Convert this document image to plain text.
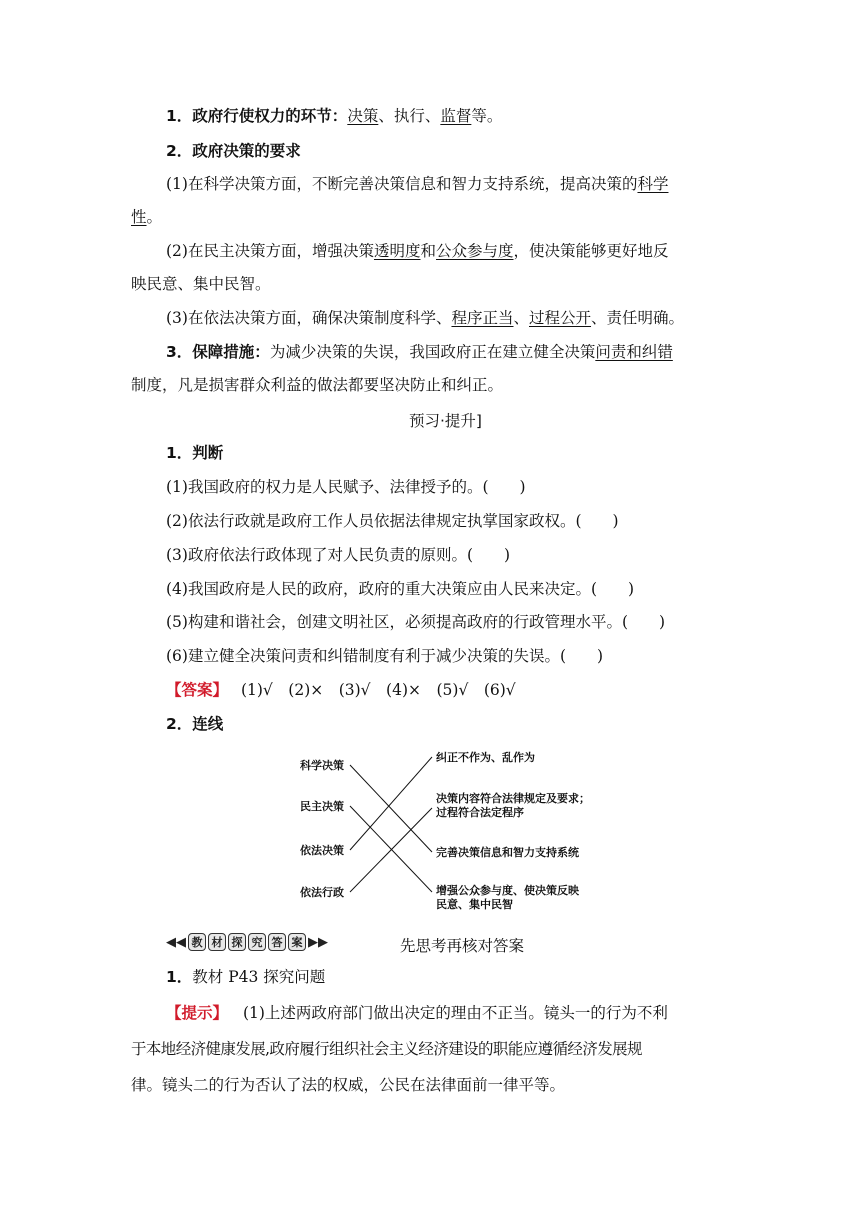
1．政府行使权力的环节：决策、执行、监督等。
2．政府决策的要求
(1)在科学决策方面，不断完善决策信息和智力支持系统，提高决策的科学
性。
(2)在民主决策方面，增强决策透明度和公众参与度，使决策能够更好地反
映民意、集中民智。
(3)在依法决策方面，确保决策制度科学、程序正当、过程公开、责任明确。
3．保障措施：为减少决策的失误，我国政府正在建立健全决策问责和纠错
制度，凡是损害群众利益的做法都要坚决防止和纠正。
预习·提升]
1．判断
(1)我国政府的权力是人民赋予、法律授予的。(　　)
(2)依法行政就是政府工作人员依据法律规定执掌国家政权。(　　)
(3)政府依法行政体现了对人民负责的原则。(　　)
(4)我国政府是人民的政府，政府的重大决策应由人民来决定。(　　)
(5)构建和谐社会，创建文明社区，必须提高政府的行政管理水平。(　　)
(6)建立健全决策问责和纠错制度有利于减少决策的失误。(　　)
【答案】 (1)√　(2)×　(3)√　(4)×　(5)√　(6)√
2．连线
科学决策
民主决策
依法决策
依法行政
纠正不作为、乱作为
决策内容符合法律规定及要求；
过程符合法定程序
完善决策信息和智力支持系统
增强公众参与度、使决策反映
民意、集中民智
◀◀ 教 材 探 究 答 案 ▶▶	先思考再核对答案
1．教材 P43 探究问题
【提示】 (1)上述两政府部门做出决定的理由不正当。镜头一的行为不利
于本地经济健康发展,政府履行组织社会主义经济建设的职能应遵循经济发展规
律。镜头二的行为否认了法的权威，公民在法律面前一律平等。
